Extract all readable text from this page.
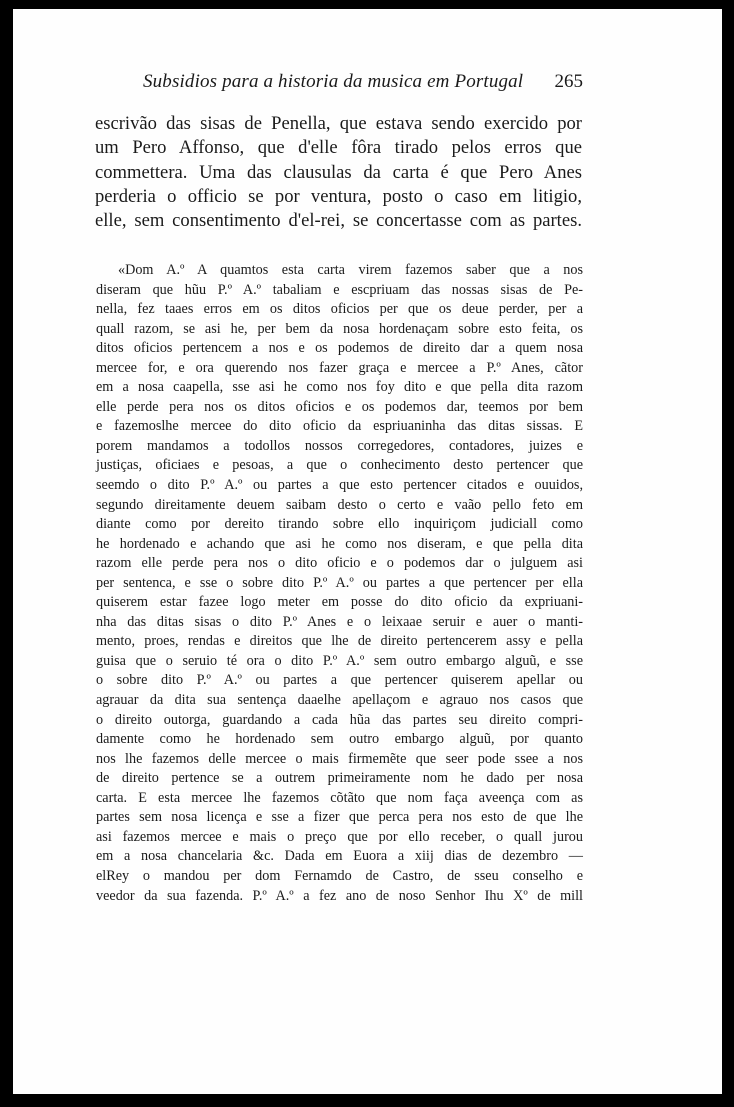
Subsidios para a historia da musica em Portugal 265
escrivão das sisas de Penella, que estava sendo exercido por
um Pero Affonso, que d'elle fôra tirado pelos erros que
commettera. Uma das clausulas da carta é que Pero Anes
perderia o officio se por ventura, posto o caso em litigio,
elle, sem consentimento d'el-rei, se concertasse com as partes.
«Dom A.º A quamtos esta carta virem fazemos saber que a nos
diseram que hũu P.º A.º tabaliam e escpriuam das nossas sisas de Pe-
nella, fez taaes erros em os ditos oficios per que os deue perder, per a
quall razom, se asi he, per bem da nosa hordenaçam sobre esto feita, os
ditos oficios pertencem a nos e os podemos de direito dar a quem nosa
mercee for, e ora querendo nos fazer graça e mercee a P.º Anes, cãtor
em a nosa caapella, sse asi he como nos foy dito e que pella dita razom
elle perde pera nos os ditos oficios e os podemos dar, teemos por bem
e fazemoslhe mercee do dito oficio da espriuaninha das ditas sissas. E
porem mandamos a todollos nossos corregedores, contadores, juizes e
justiças, oficiaes e pesoas, a que o conhecimento desto pertencer que
seemdo o dito P.º A.º ou partes a que esto pertencer citados e ouuidos,
segundo direitamente deuem saibam desto o certo e vaão pello feto em
diante como por dereito tirando sobre ello inquiriçom judiciall como
he hordenado e achando que asi he como nos diseram, e que pella dita
razom elle perde pera nos o dito oficio e o podemos dar o julguem asi
per sentenca, e sse o sobre dito P.º A.º ou partes a que pertencer per ella
quiserem estar fazee logo meter em posse do dito oficio da expriuani-
nha das ditas sisas o dito P.º Anes e o leixaae seruir e auer o manti-
mento, proes, rendas e direitos que lhe de direito pertencerem assy e pella
guisa que o seruio té ora o dito P.º A.º sem outro embargo alguũ, e sse
o sobre dito P.º A.º ou partes a que pertencer quiserem apellar ou
agrauar da dita sua sentença daaelhe apellaçom e agrauo nos casos que
o direito outorga, guardando a cada hũa das partes seu direito compri-
damente como he hordenado sem outro embargo alguũ, por quanto
nos lhe fazemos delle mercee o mais firmemẽte que seer pode ssee a nos
de direito pertence se a outrem primeiramente nom he dado per nosa
carta. E esta mercee lhe fazemos cõtãto que nom faça aveença com as
partes sem nosa licença e sse a fizer que perca pera nos esto de que lhe
asi fazemos mercee e mais o preço que por ello receber, o quall jurou
em a nosa chancelaria &c. Dada em Euora a xiij dias de dezembro —
elRey o mandou per dom Fernamdo de Castro, de sseu conselho e
veedor da sua fazenda. P.º A.º a fez ano de noso Senhor Ihu Xº de mill
